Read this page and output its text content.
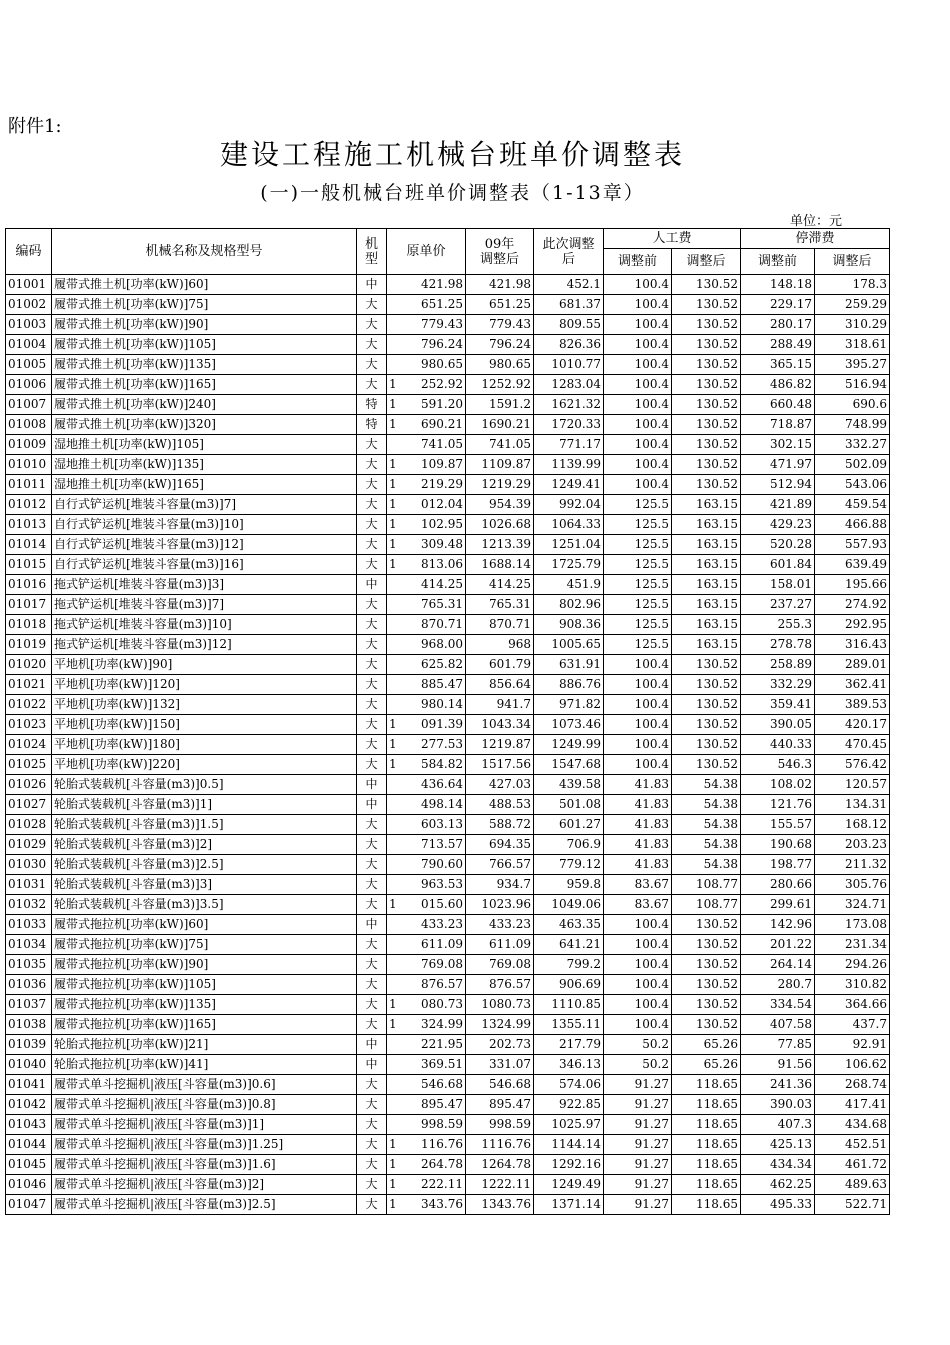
附件1:
建设工程施工机械台班单价调整表
(一)一般机械台班单价调整表（1-13章）
单位：元
编码	机械名称及规格型号	机型	原单价	09年调整后	此次调整后	人工费		停滞费	
						调整前	调整后	调整前	调整后
01001	履带式推土机[功率(kW)]60]	中	421.98	421.98	452.1	100.4	130.52	148.18	178.3
01002	履带式推土机[功率(kW)]75]	大	651.25	651.25	681.37	100.4	130.52	229.17	259.29
01003	履带式推土机[功率(kW)]90]	大	779.43	779.43	809.55	100.4	130.52	280.17	310.29
01004	履带式推土机[功率(kW)]105]	大	796.24	796.24	826.36	100.4	130.52	288.49	318.61
01005	履带式推土机[功率(kW)]135]	大	980.65	980.65	1010.77	100.4	130.52	365.15	395.27
01006	履带式推土机[功率(kW)]165]	大	1 252.92	1252.92	1283.04	100.4	130.52	486.82	516.94
01007	履带式推土机[功率(kW)]240]	特	1 591.20	1591.2	1621.32	100.4	130.52	660.48	690.6
01008	履带式推土机[功率(kW)]320]	特	1 690.21	1690.21	1720.33	100.4	130.52	718.87	748.99
01009	湿地推土机[功率(kW)]105]	大	741.05	741.05	771.17	100.4	130.52	302.15	332.27
01010	湿地推土机[功率(kW)]135]	大	1 109.87	1109.87	1139.99	100.4	130.52	471.97	502.09
01011	湿地推土机[功率(kW)]165]	大	1 219.29	1219.29	1249.41	100.4	130.52	512.94	543.06
01012	自行式铲运机[堆装斗容量(m3)]7]	大	1 012.04	954.39	992.04	125.5	163.15	421.89	459.54
01013	自行式铲运机[堆装斗容量(m3)]10]	大	1 102.95	1026.68	1064.33	125.5	163.15	429.23	466.88
01014	自行式铲运机[堆装斗容量(m3)]12]	大	1 309.48	1213.39	1251.04	125.5	163.15	520.28	557.93
01015	自行式铲运机[堆装斗容量(m3)]16]	大	1 813.06	1688.14	1725.79	125.5	163.15	601.84	639.49
01016	拖式铲运机[堆装斗容量(m3)]3]	中	414.25	414.25	451.9	125.5	163.15	158.01	195.66
01017	拖式铲运机[堆装斗容量(m3)]7]	大	765.31	765.31	802.96	125.5	163.15	237.27	274.92
01018	拖式铲运机[堆装斗容量(m3)]10]	大	870.71	870.71	908.36	125.5	163.15	255.3	292.95
01019	拖式铲运机[堆装斗容量(m3)]12]	大	968.00	968	1005.65	125.5	163.15	278.78	316.43
01020	平地机[功率(kW)]90]	大	625.82	601.79	631.91	100.4	130.52	258.89	289.01
01021	平地机[功率(kW)]120]	大	885.47	856.64	886.76	100.4	130.52	332.29	362.41
01022	平地机[功率(kW)]132]	大	980.14	941.7	971.82	100.4	130.52	359.41	389.53
01023	平地机[功率(kW)]150]	大	1 091.39	1043.34	1073.46	100.4	130.52	390.05	420.17
01024	平地机[功率(kW)]180]	大	1 277.53	1219.87	1249.99	100.4	130.52	440.33	470.45
01025	平地机[功率(kW)]220]	大	1 584.82	1517.56	1547.68	100.4	130.52	546.3	576.42
01026	轮胎式装载机[斗容量(m3)]0.5]	中	436.64	427.03	439.58	41.83	54.38	108.02	120.57
01027	轮胎式装载机[斗容量(m3)]1]	中	498.14	488.53	501.08	41.83	54.38	121.76	134.31
01028	轮胎式装载机[斗容量(m3)]1.5]	大	603.13	588.72	601.27	41.83	54.38	155.57	168.12
01029	轮胎式装载机[斗容量(m3)]2]	大	713.57	694.35	706.9	41.83	54.38	190.68	203.23
01030	轮胎式装载机[斗容量(m3)]2.5]	大	790.60	766.57	779.12	41.83	54.38	198.77	211.32
01031	轮胎式装载机[斗容量(m3)]3]	大	963.53	934.7	959.8	83.67	108.77	280.66	305.76
01032	轮胎式装载机[斗容量(m3)]3.5]	大	1 015.60	1023.96	1049.06	83.67	108.77	299.61	324.71
01033	履带式拖拉机[功率(kW)]60]	中	433.23	433.23	463.35	100.4	130.52	142.96	173.08
01034	履带式拖拉机[功率(kW)]75]	大	611.09	611.09	641.21	100.4	130.52	201.22	231.34
01035	履带式拖拉机[功率(kW)]90]	大	769.08	769.08	799.2	100.4	130.52	264.14	294.26
01036	履带式拖拉机[功率(kW)]105]	大	876.57	876.57	906.69	100.4	130.52	280.7	310.82
01037	履带式拖拉机[功率(kW)]135]	大	1 080.73	1080.73	1110.85	100.4	130.52	334.54	364.66
01038	履带式拖拉机[功率(kW)]165]	大	1 324.99	1324.99	1355.11	100.4	130.52	407.58	437.7
01039	轮胎式拖拉机[功率(kW)]21]	中	221.95	202.73	217.79	50.2	65.26	77.85	92.91
01040	轮胎式拖拉机[功率(kW)]41]	中	369.51	331.07	346.13	50.2	65.26	91.56	106.62
01041	履带式单斗挖掘机|液压[斗容量(m3)]0.6]	大	546.68	546.68	574.06	91.27	118.65	241.36	268.74
01042	履带式单斗挖掘机|液压[斗容量(m3)]0.8]	大	895.47	895.47	922.85	91.27	118.65	390.03	417.41
01043	履带式单斗挖掘机|液压[斗容量(m3)]1]	大	998.59	998.59	1025.97	91.27	118.65	407.3	434.68
01044	履带式单斗挖掘机|液压[斗容量(m3)]1.25]	大	1 116.76	1116.76	1144.14	91.27	118.65	425.13	452.51
01045	履带式单斗挖掘机|液压[斗容量(m3)]1.6]	大	1 264.78	1264.78	1292.16	91.27	118.65	434.34	461.72
01046	履带式单斗挖掘机|液压[斗容量(m3)]2]	大	1 222.11	1222.11	1249.49	91.27	118.65	462.25	489.63
01047	履带式单斗挖掘机|液压[斗容量(m3)]2.5]	大	1 343.76	1343.76	1371.14	91.27	118.65	495.33	522.71
